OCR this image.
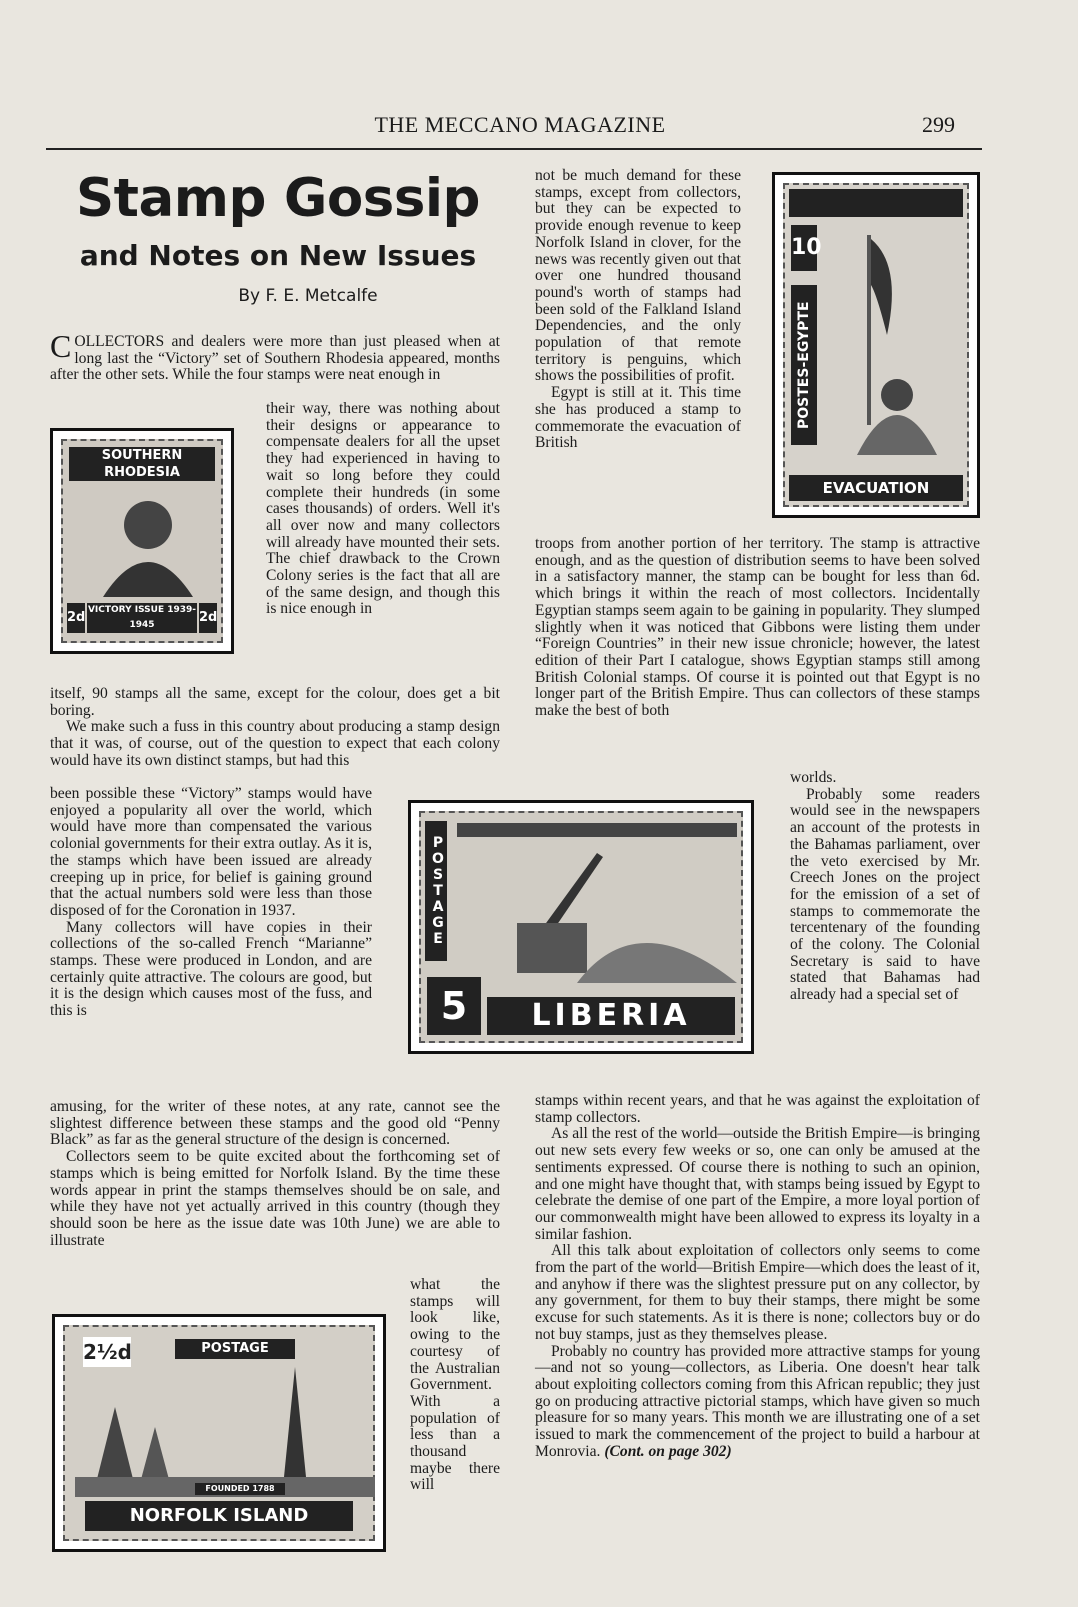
THE MECCANO MAGAZINE	299
Stamp Gossip
and Notes on New Issues
By F. E. Metcalfe

COLLECTORS and dealers were more than just pleased when at long last the “Victory” set of Southern Rhodesia appeared, months after the other sets. While the four stamps were neat enough in

their way, there was nothing about their designs or appearance to compensate dealers for all the upset they had experienced in having to wait so long before they could complete their hundreds (in some cases thousands) of orders. Well it's all over now and many collectors will already have mounted their sets. The chief drawback to the Crown Colony series is the fact that all are of the same design, and though this is nice enough in

itself, 90 stamps all the same, except for the colour, does get a bit boring.

We make such a fuss in this country about producing a stamp design that it was, of course, out of the question to expect that each colony would have its own distinct stamps, but had this

been possible these “Victory” stamps would have enjoyed a popularity all over the world, which would have more than compensated the various colonial governments for their extra outlay. As it is, the stamps which have been issued are already creeping up in price, for belief is gaining ground that the actual numbers sold were less than those disposed of for the Coronation in 1937.

Many collectors will have copies in their collections of the so-called French “Marianne” stamps. These were produced in London, and are certainly quite attractive. The colours are good, but it is the design which causes most of the fuss, and this is

amusing, for the writer of these notes, at any rate, cannot see the slightest difference between these stamps and the good old “Penny Black” as far as the general structure of the design is concerned.

Collectors seem to be quite excited about the forthcoming set of stamps which is being emitted for Norfolk Island. By the time these words appear in print the stamps themselves should be on sale, and while they have not yet actually arrived in this country (though they should soon be here as the issue date was 10th June) we are able to illustrate

what the stamps will look like, owing to the courtesy of the Australian Government. With a population of less than a thousand maybe there will

not be much demand for these stamps, except from collectors, but they can be expected to provide enough revenue to keep Norfolk Island in clover, for the news was recently given out that over one hundred thousand pound's worth of stamps had been sold of the Falkland Island Dependencies, and the only population of that remote territory is penguins, which shows the possibilities of profit.

Egypt is still at it. This time she has produced a stamp to commemorate the evacuation of British

troops from another portion of her territory. The stamp is attractive enough, and as the question of distribution seems to have been solved in a satisfactory manner, the stamp can be bought for less than 6d. which brings it within the reach of most collectors. Incidentally Egyptian stamps seem again to be gaining in popularity. They slumped slightly when it was noticed that Gibbons were listing them under “Foreign Countries” in their new issue chronicle; however, the latest edition of their Part I catalogue, shows Egyptian stamps still among British Colonial stamps. Of course it is pointed out that Egypt is no longer part of the British Empire. Thus can collectors of these stamps make the best of both

worlds.

Probably some readers would see in the newspapers an account of the protests in the Bahamas parliament, over the veto exercised by Mr. Creech Jones on the project for the emission of a set of stamps to commemorate the tercentenary of the founding of the colony. The Colonial Secretary is said to have stated that Bahamas had already had a special set of

stamps within recent years, and that he was against the exploitation of stamp collectors.

As all the rest of the world—outside the British Empire—is bringing out new sets every few weeks or so, one can only be amused at the sentiments expressed. Of course there is nothing to such an opinion, and one might have thought that, with stamps being issued by Egypt to celebrate the demise of one part of the Empire, a more loyal portion of our commonwealth might have been allowed to express its loyalty in a similar fashion.

All this talk about exploitation of collectors only seems to come from the part of the world—British Empire—which does the least of it, and anyhow if there was the slightest pressure put on any collector, by any government, for them to buy their stamps, there might be some excuse for such statements. As it is there is none; collectors buy or do not buy stamps, just as they themselves please.

Probably no country has provided more attractive stamps for young—and not so young—collectors, as Liberia. One doesn't hear talk about exploiting collectors coming from this African republic; they just go on producing attractive pictorial stamps, which have given so much pleasure for so many years. This month we are illustrating one of a set issued to mark the commencement of the project to build a harbour at Monrovia. (Cont. on page 302)

SOUTHERN RHODESIA
VICTORY ISSUE 1939-1945
2d	2d
10
POSTES-EGYPTE
EVACUATION
POSTAGE
5	LIBERIA
2½d	POSTAGE
FOUNDED 1788
NORFOLK ISLAND
